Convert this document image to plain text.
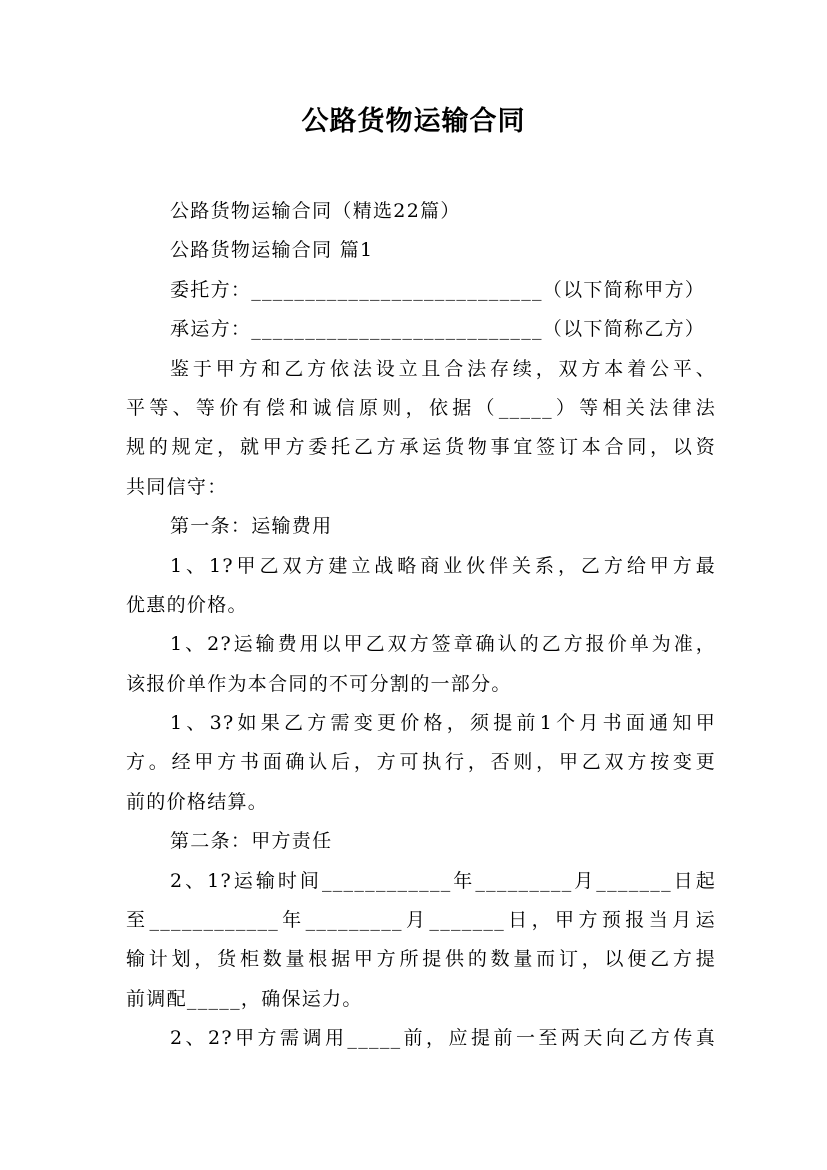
公路货物运输合同
公路货物运输合同（精选22篇）
公路货物运输合同 篇1
委托方：___________________________（以下简称甲方）
承运方：___________________________（以下简称乙方）
鉴于甲方和乙方依法设立且合法存续，双方本着公平、
平等、等价有偿和诚信原则，依据（_____）等相关法律法
规的规定，就甲方委托乙方承运货物事宜签订本合同，以资
共同信守：
第一条：运输费用
1、1?甲乙双方建立战略商业伙伴关系，乙方给甲方最
优惠的价格。
1、2?运输费用以甲乙双方签章确认的乙方报价单为准，
该报价单作为本合同的不可分割的一部分。
1、3?如果乙方需变更价格，须提前1个月书面通知甲
方。经甲方书面确认后，方可执行，否则，甲乙双方按变更
前的价格结算。
第二条：甲方责任
2、1?运输时间____________年_________月_______日起
至____________年_________月_______日，甲方预报当月运
输计划，货柜数量根据甲方所提供的数量而订，以便乙方提
前调配_____，确保运力。
2、2?甲方需调用_____前，应提前一至两天向乙方传真
